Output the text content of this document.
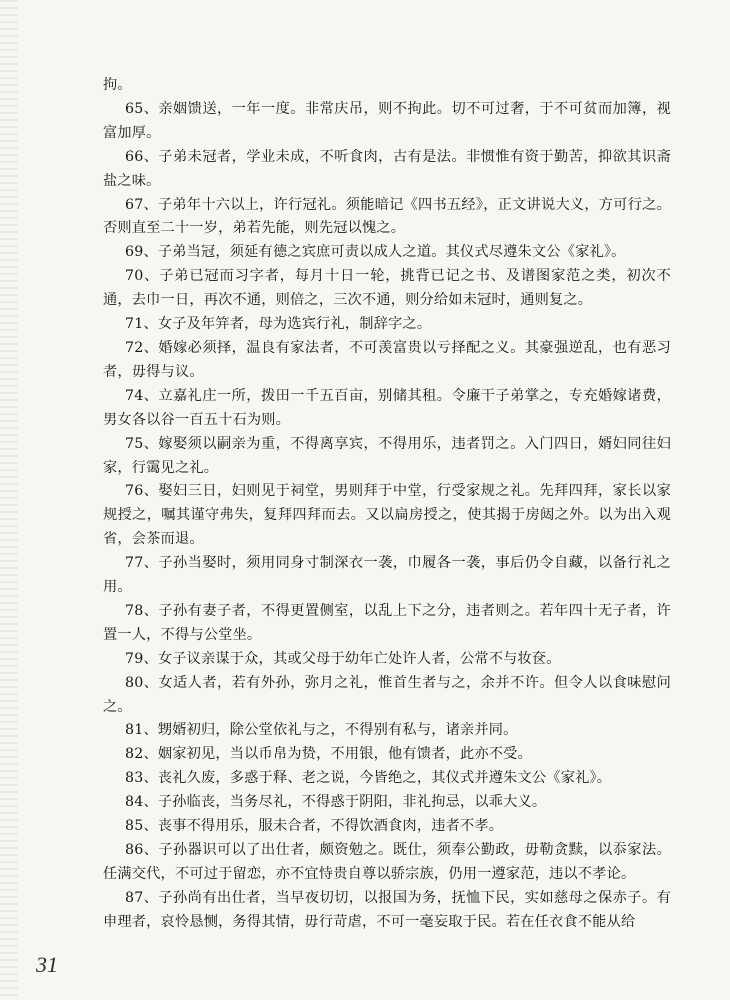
拘。

65、亲姻馈送，一年一度。非常庆吊，则不拘此。切不可过奢，于不可贫而加簿，视富加厚。

66、子弟未冠者，学业未成，不听食肉，古有是法。非惯惟有资于勤苦，抑欲其识斋盐之味。

67、子弟年十六以上，许行冠礼。须能暗记《四书五经》，正文讲说大义，方可行之。否则直至二十一岁，弟若先能，则先冠以愧之。

69、子弟当冠，须延有德之宾庶可责以成人之道。其仪式尽遵朱文公《家礼》。

70、子弟已冠而习字者，每月十日一轮，挑背已记之书、及谱图家范之类，初次不通，去巾一日，再次不通，则倍之，三次不通，则分给如未冠时，通则复之。

71、女子及年笄者，母为选宾行礼，制辞字之。

72、婚嫁必须择，温良有家法者，不可羡富贵以亏择配之义。其豪强逆乱，也有恶习者，毋得与议。

74、立嘉礼庄一所，拨田一千五百亩，别储其租。令廉干子弟掌之，专充婚嫁诸费，男女各以谷一百五十石为则。

75、嫁娶须以嗣亲为重，不得离享宾，不得用乐，违者罚之。入门四日，婿妇同往妇家，行霭见之礼。

76、娶妇三日，妇则见于祠堂，男则拜于中堂，行受家规之礼。先拜四拜，家长以家规授之，嘱其谨守弗失，复拜四拜而去。又以扁房授之，使其揭于房闼之外。以为出入观省，会茶而退。

77、子孙当娶时，须用同身寸制深衣一袭，巾履各一袭，事后仍令自藏，以备行礼之用。

78、子孙有妻子者，不得更置侧室，以乱上下之分，违者则之。若年四十无子者，许置一人，不得与公堂坐。

79、女子议亲谋于众，其或父母于幼年亡处许人者，公常不与妆奁。

80、女适人者，若有外孙，弥月之礼，惟首生者与之，余并不许。但令人以食味慰问之。

81、甥婿初归，除公堂依礼与之，不得别有私与，诸亲并同。

82、姻家初见，当以币帛为贽，不用银，他有馈者，此亦不受。

83、丧礼久废，多惑于释、老之说，今皆绝之，其仪式并遵朱文公《家礼》。

84、子孙临丧，当务尽礼，不得惑于阴阳，非礼拘忌，以乖大义。

85、丧事不得用乐，服未合者，不得饮酒食肉，违者不孝。

86、子孙器识可以了出仕者，颇资勉之。既仕，须奉公勤政，毋勒贪黩，以忝家法。任满交代，不可过于留恋，亦不宜恃贵自尊以骄宗族，仍用一遵家范，违以不孝论。

87、子孙尚有出仕者，当早夜切切，以报国为务，抚恤下民，实如慈母之保赤子。有申理者，哀怜恳恻，务得其情，毋行苛虐，不可一毫妄取于民。若在任衣食不能从给

31
